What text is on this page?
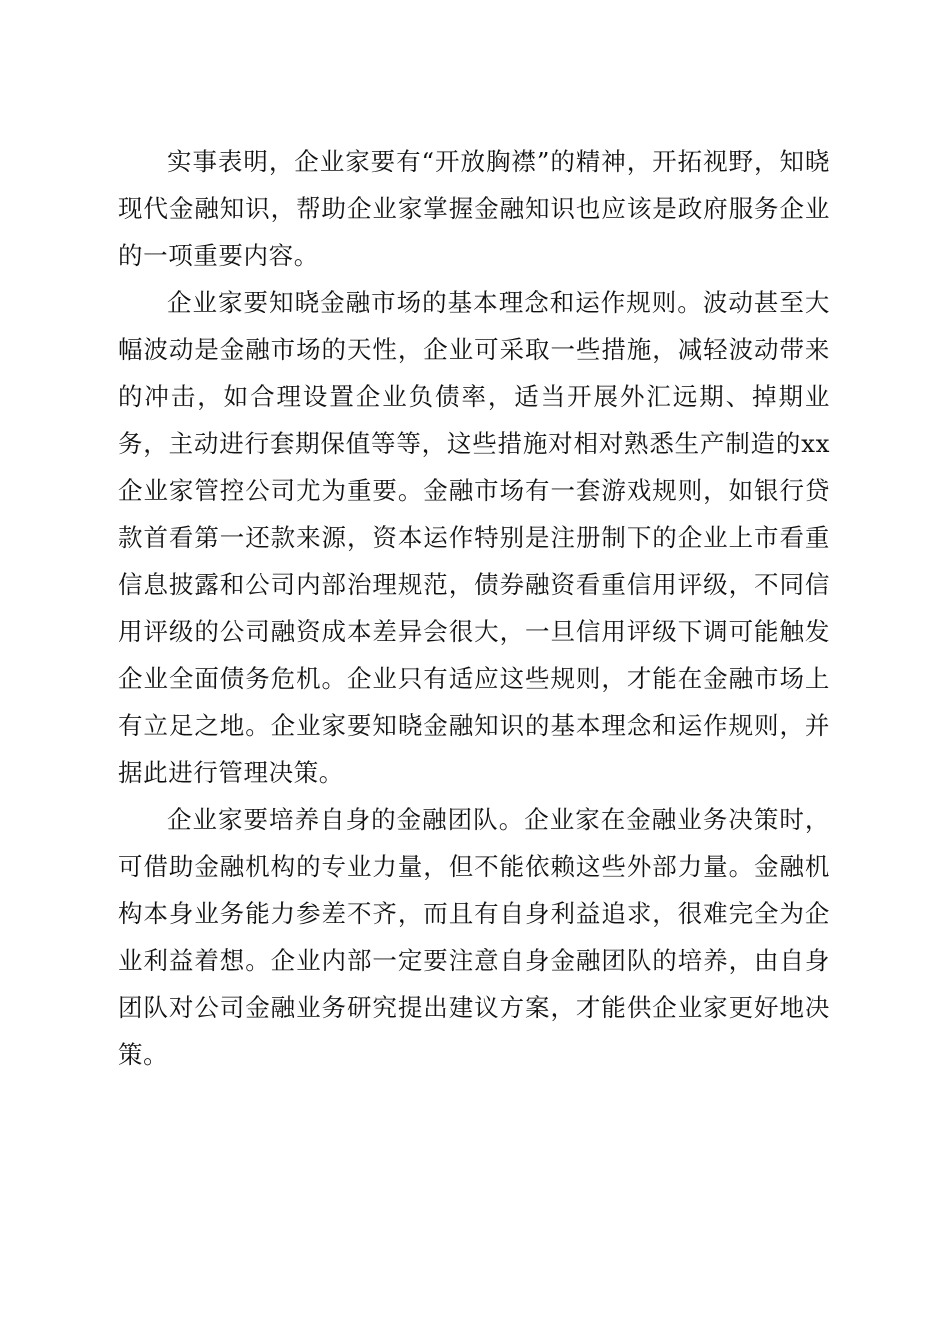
实事表明，企业家要有“开放胸襟”的精神，开拓视野，知晓现代金融知识，帮助企业家掌握金融知识也应该是政府服务企业的一项重要内容。

企业家要知晓金融市场的基本理念和运作规则。波动甚至大幅波动是金融市场的天性，企业可采取一些措施，减轻波动带来的冲击，如合理设置企业负债率，适当开展外汇远期、掉期业务，主动进行套期保值等等，这些措施对相对熟悉生产制造的xx企业家管控公司尤为重要。金融市场有一套游戏规则，如银行贷款首看第一还款来源，资本运作特别是注册制下的企业上市看重信息披露和公司内部治理规范，债券融资看重信用评级，不同信用评级的公司融资成本差异会很大，一旦信用评级下调可能触发企业全面债务危机。企业只有适应这些规则，才能在金融市场上有立足之地。企业家要知晓金融知识的基本理念和运作规则，并据此进行管理决策。

企业家要培养自身的金融团队。企业家在金融业务决策时，可借助金融机构的专业力量，但不能依赖这些外部力量。金融机构本身业务能力参差不齐，而且有自身利益追求，很难完全为企业利益着想。企业内部一定要注意自身金融团队的培养，由自身团队对公司金融业务研究提出建议方案，才能供企业家更好地决策。
